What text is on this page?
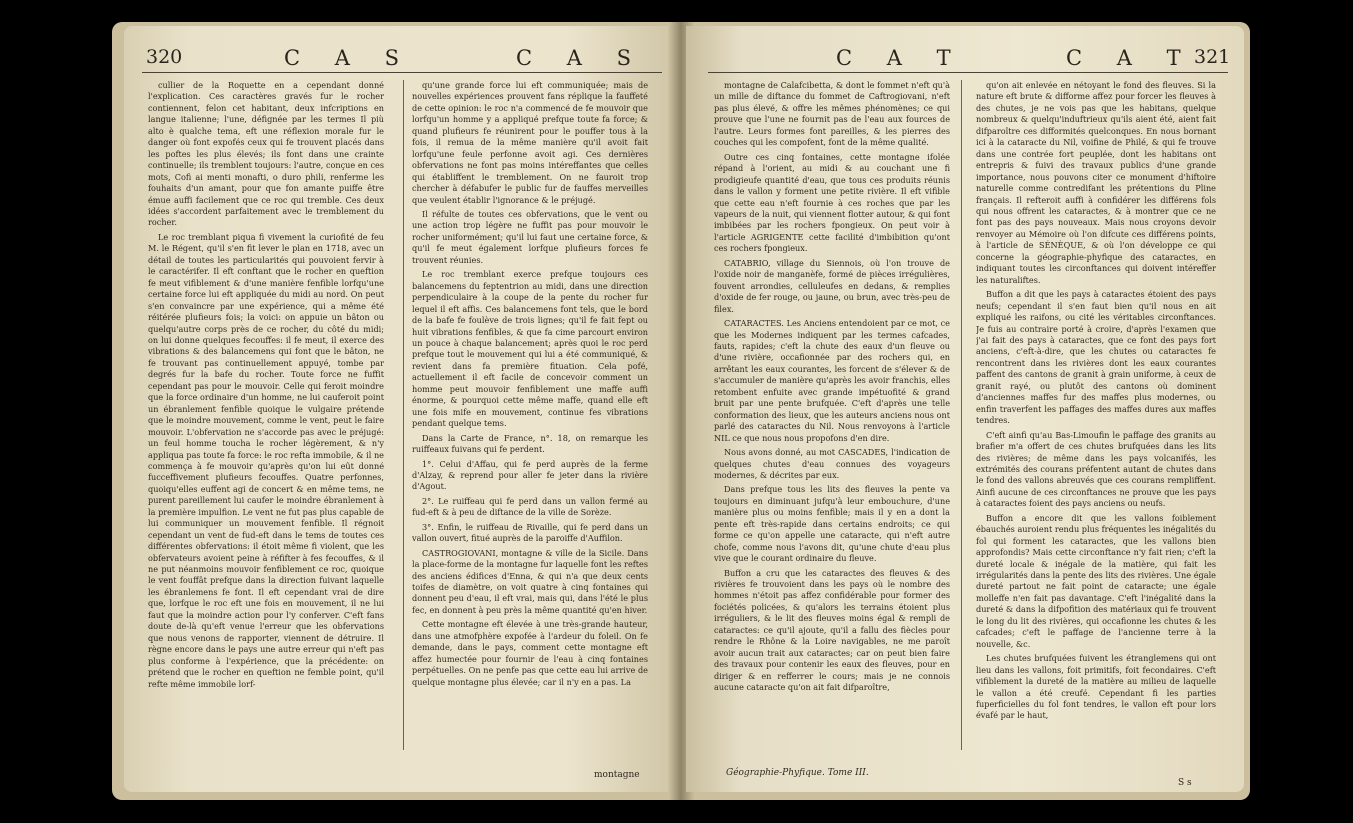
320	C A S	C A S

cullier de la Roquette en a cependant donné l'explication. Ces caractères gravés fur le rocher contiennent, felon cet habitant, deux infcriptions en langue italienne; l'une, défignée par les termes Il più alto è qualche tema, eft une réflexion morale fur le danger où font expofés ceux qui fe trouvent placés dans les poftes les plus élevés; ils font dans une crainte continuelle; ils tremblent toujours: l'autre, conçue en ces mots, Cofi ai menti monafti, o duro phili, renferme les fouhaits d'un amant, pour que fon amante puiffe être émue auffi facilement que ce roc qui tremble. Ces deux idées s'accordent parfaitement avec le tremblement du rocher.

Le roc tremblant piqua fi vivement la curiofité de feu M. le Régent, qu'il s'en fit lever le plan en 1718, avec un détail de toutes les particularités qui pouvoient fervir à le caractérifer. Il eft conftant que le rocher en queftion fe meut vifiblement & d'une manière fenfible lorfqu'une certaine force lui eft appliquée du midi au nord. On peut s'en convaincre par une expérience, qui a même été réitérée plufieurs fois; la voici: on appuie un bâton ou quelqu'autre corps près de ce rocher, du côté du midi; on lui donne quelques fecouffes: il fe meut, il exerce des vibrations & des balancemens qui font que le bâton, ne fe trouvant pas continuellement appuyé, tombe par degrés fur la bafe du rocher. Toute force ne fuffit cependant pas pour le mouvoir. Celle qui feroit moindre que la force ordinaire d'un homme, ne lui cauferoit point un ébranlement fenfible quoique le vulgaire prétende que le moindre mouvement, comme le vent, peut le faire mouvoir. L'obfervation ne s'accorde pas avec le préjugé: un feul homme toucha le rocher légèrement, & n'y appliqua pas toute fa force: le roc refta immobile, & il ne commença à fe mouvoir qu'après qu'on lui eût donné fucceffivement plufieurs fecouffes. Quatre perfonnes, quoiqu'elles euffent agi de concert & en même tems, ne purent pareillement lui caufer le moindre ébranlement à la première impulfion. Le vent ne fut pas plus capable de lui communiquer un mouvement fenfible. Il régnoit cependant un vent de fud-eft dans le tems de toutes ces différentes obfervations: il étoit même fi violent, que les obfervateurs avoient peine à réfifter à fes fecouffes, & il ne put néanmoins mouvoir fenfiblement ce roc, quoique le vent fouffât prefque dans la direction fuivant laquelle les ébranlemens fe font. Il eft cependant vrai de dire que, lorfque le roc eft une fois en mouvement, il ne lui faut que la moindre action pour l'y conferver. C'eft fans doute de-là qu'eft venue l'erreur que les obfervations que nous venons de rapporter, viennent de détruire. Il règne encore dans le pays une autre erreur qui n'eft pas plus conforme à l'expérience, que la précédente: on prétend que le rocher en queftion ne femble point, qu'il refte même immobile lorf-

qu'une grande force lui eft communiquée; mais de nouvelles expériences prouvent fans réplique la fauffeté de cette opinion: le roc n'a commencé de fe mouvoir que lorfqu'un homme y a appliqué prefque toute fa force; & quand plufieurs fe réunirent pour le pouffer tous à la fois, il remua de la même manière qu'il avoit fait lorfqu'une feule perfonne avoit agi. Ces dernières obfervations ne font pas moins intéreffantes que celles qui établiffent le tremblement. On ne fauroit trop chercher à défabufer le public fur de fauffes merveilles que veulent établir l'ignorance & le préjugé.

Il réfulte de toutes ces obfervations, que le vent ou une action trop légère ne fuffit pas pour mouvoir le rocher uniformément; qu'il lui faut une certaine force, & qu'il fe meut également lorfque plufieurs forces fe trouvent réunies.

Le roc tremblant exerce prefque toujours ces balancemens du feptentrion au midi, dans une direction perpendiculaire à la coupe de la pente du rocher fur lequel il eft affis. Ces balancemens font tels, que le bord de la bafe fe foulève de trois lignes; qu'il fe fait fept ou huit vibrations fenfibles, & que fa cime parcourt environ un pouce à chaque balancement; après quoi le roc perd prefque tout le mouvement qui lui a été communiqué, & revient dans fa première fituation. Cela pofé, actuellement il eft facile de concevoir comment un homme peut mouvoir fenfiblement une maffe auffi énorme, & pourquoi cette même maffe, quand elle eft une fois mife en mouvement, continue fes vibrations pendant quelque tems.

Dans la Carte de France, n°. 18, on remarque les ruiffeaux fuivans qui fe perdent.

1°. Celui d'Affau, qui fe perd auprès de la ferme d'Alzay, & reprend pour aller fe jeter dans la rivière d'Agout.

2°. Le ruiffeau qui fe perd dans un vallon fermé au fud-eft & à peu de diftance de la ville de Sorèze.

3°. Enfin, le ruiffeau de Rivaille, qui fe perd dans un vallon ouvert, fitué auprès de la paroiffe d'Auffilon.

CASTROGIOVANI, montagne & ville de la Sicile. Dans la place-forme de la montagne fur laquelle font les reftes des anciens édifices d'Enna, & qui n'a que deux cents toifes de diamètre, on voit quatre à cinq fontaines qui donnent peu d'eau, il eft vrai, mais qui, dans l'été le plus fec, en donnent à peu près la même quantité qu'en hiver.

Cette montagne eft élevée à une très-grande hauteur, dans une atmofphère expofée à l'ardeur du foleil. On fe demande, dans le pays, comment cette montagne eft affez humectée pour fournir de l'eau à cinq fontaines perpétuelles. On ne penfe pas que cette eau lui arrive de quelque montagne plus élevée; car il n'y en a pas. La

montagne
C A T	C A T 321

montagne de Calafcibetta, & dont le fommet n'eft qu'à un mille de diftance du fommet de Caftrogiovani, n'eft pas plus élevé, & offre les mêmes phénomènes; ce qui prouve que l'une ne fournit pas de l'eau aux fources de l'autre. Leurs formes font pareilles, & les pierres des couches qui les compofent, font de la même qualité.

Outre ces cinq fontaines, cette montagne ifolée répand à l'orient, au midi & au couchant une fi prodigieufe quantité d'eau, que tous ces produits réunis dans le vallon y forment une petite rivière. Il eft vifible que cette eau n'eft fournie à ces roches que par les vapeurs de la nuit, qui viennent flotter autour, & qui font imbibées par les rochers fpongieux. On peut voir à l'article AGRIGENTE cette facilité d'imbibition qu'ont ces rochers fpongieux.

CATABRIO, village du Siennois, où l'on trouve de l'oxide noir de manganèfe, formé de pièces irrégulières, fouvent arrondies, celluleufes en dedans, & remplies d'oxide de fer rouge, ou jaune, ou brun, avec très-peu de filex.

CATARACTES. Les Anciens entendoient par ce mot, ce que les Modernes indiquent par les termes cafcades, fauts, rapides; c'eft la chute des eaux d'un fleuve ou d'une rivière, occafionnée par des rochers qui, en arrêtant les eaux courantes, les forcent de s'élever & de s'accumuler de manière qu'après les avoir franchis, elles retombent enfuite avec grande impétuofité & grand bruit par une pente brufquée. C'eft d'après une telle conformation des lieux, que les auteurs anciens nous ont parlé des cataractes du Nil. Nous renvoyons à l'article NIL ce que nous nous propofons d'en dire.

Nous avons donné, au mot CASCADES, l'indication de quelques chutes d'eau connues des voyageurs modernes, & décrites par eux.

Dans prefque tous les lits des fleuves la pente va toujours en diminuant jufqu'à leur embouchure, d'une manière plus ou moins fenfible; mais il y en a dont la pente eft très-rapide dans certains endroits; ce qui forme ce qu'on appelle une cataracte, qui n'eft autre chofe, comme nous l'avons dit, qu'une chute d'eau plus vive que le courant ordinaire du fleuve.

Buffon a cru que les cataractes des fleuves & des rivières fe trouvoient dans les pays où le nombre des hommes n'étoit pas affez confidérable pour former des fociétés policées, & qu'alors les terrains étoient plus irréguliers, & le lit des fleuves moins égal & rempli de cataractes: ce qu'il ajoute, qu'il a fallu des fiècles pour rendre le Rhône & la Loire navigables, ne me paroît avoir aucun trait aux cataractes; car on peut bien faire des travaux pour contenir les eaux des fleuves, pour en diriger & en refferrer le cours; mais je ne connois aucune cataracte qu'on ait fait difparoître,

qu'on ait enlevée en nétoyant le fond des fleuves. Si la nature eft brute & difforme affez pour forcer les fleuves à des chutes, je ne vois pas que les habitans, quelque nombreux & quelqu'induftrieux qu'ils aient été, aient fait difparoître ces difformités quelconques. En nous bornant ici à la cataracte du Nil, voifine de Philé, & qui fe trouve dans une contrée fort peuplée, dont les habitans ont entrepris & fuivi des travaux publics d'une grande importance, nous pouvons citer ce monument d'hiftoire naturelle comme contredifant les prétentions du Pline français. Il refteroit auffi à confidérer les différens fols qui nous offrent les cataractes, & à montrer que ce ne font pas des pays nouveaux. Mais nous croyons devoir renvoyer au Mémoire où l'on difcute ces différens points, à l'article de SÉNÈQUE, & où l'on développe ce qui concerne la géographie-phyfique des cataractes, en indiquant toutes les circonftances qui doivent intéreffer les naturaliftes.

Buffon a dit que les pays à cataractes étoient des pays neufs; cependant il s'en faut bien qu'il nous en ait expliqué les raifons, ou cité les véritables circonftances. Je fuis au contraire porté à croire, d'après l'examen que j'ai fait des pays à cataractes, que ce font des pays fort anciens, c'eft-à-dire, que les chutes ou cataractes fe rencontrent dans les rivières dont les eaux courantes paffent des cantons de granit à grain uniforme, à ceux de granit rayé, ou plutôt des cantons où dominent d'anciennes maffes fur des maffes plus modernes, ou enfin traverfent les paffages des maffes dures aux maffes tendres.

C'eft ainfi qu'au Bas-Limoufin le paffage des granits au brafier m'a offert de ces chutes brufquées dans les lits des rivières; de même dans les pays volcanifés, les extrémités des courans préfentent autant de chutes dans le fond des vallons abreuvés que ces courans rempliffent. Ainfi aucune de ces circonftances ne prouve que les pays à cataractes foient des pays anciens ou neufs.

Buffon a encore dit que les vallons foiblement ébauchés auroient rendu plus fréquentes les inégalités du fol qui forment les cataractes, que les vallons bien approfondis? Mais cette circonftance n'y fait rien; c'eft la dureté locale & inégale de la matière, qui fait les irrégularités dans la pente des lits des rivières. Une égale dureté partout ne fait point de cataracte; une égale molleffe n'en fait pas davantage. C'eft l'inégalité dans la dureté & dans la difpofition des matériaux qui fe trouvent le long du lit des rivières, qui occafionne les chutes & les cafcades; c'eft le paffage de l'ancienne terre à la nouvelle, &c.

Les chutes brufquées fuivent les étranglemens qui ont lieu dans les vallons, foit primitifs, foit fecondaires. C'eft vifiblement la dureté de la matière au milieu de laquelle le vallon a été creufé. Cependant fi les parties fuperficielles du fol font tendres, le vallon eft pour lors évafé par le haut,

Géographie-Phyfique. Tome III.
S s
